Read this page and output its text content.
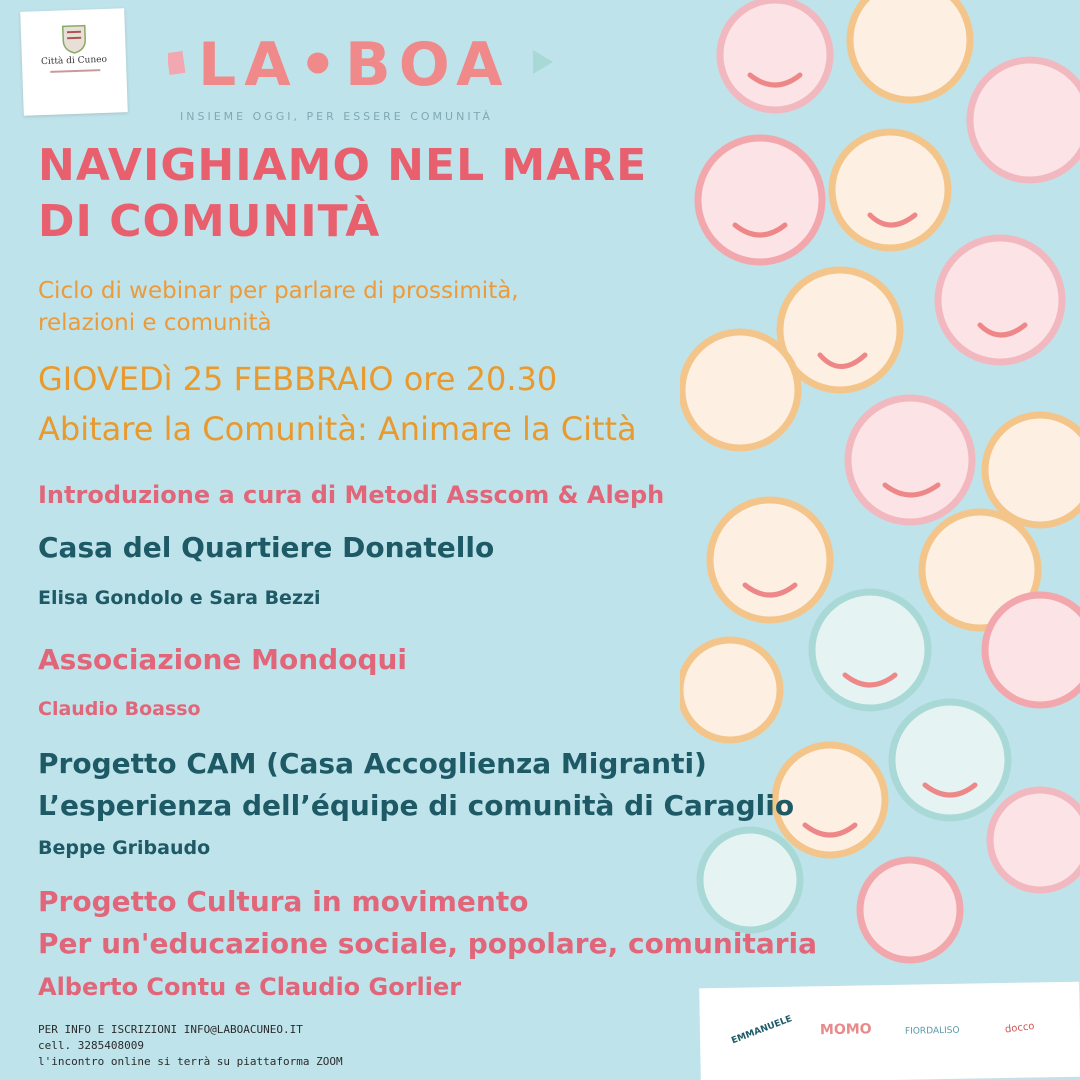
Città di Cuneo	LA•BOA
INSIEME OGGI, PER ESSERE COMUNITÀ
NAVIGHIAMO NEL MARE
DI COMUNITÀ
Ciclo di webinar per parlare di prossimità,
relazioni e comunità
GIOVEDì 25 FEBBRAIO ore 20.30
Abitare la Comunità: Animare la Città
Introduzione a cura di Metodi Asscom & Aleph
Casa del Quartiere Donatello
Elisa Gondolo e Sara Bezzi
Associazione Mondoqui
Claudio Boasso
Progetto CAM (Casa Accoglienza Migranti)
L’esperienza dell’équipe di comunità di Caraglio
Beppe Gribaudo
Progetto Cultura in movimento
Per un'educazione sociale, popolare, comunitaria
Alberto Contu e Claudio Gorlier
PER INFO E ISCRIZIONI INFO@LABOACUNEO.IT
cell. 3285408009
l'incontro online si terrà su piattaforma ZOOM
EMMANUELE MOMO	FIORDALISO	docco
